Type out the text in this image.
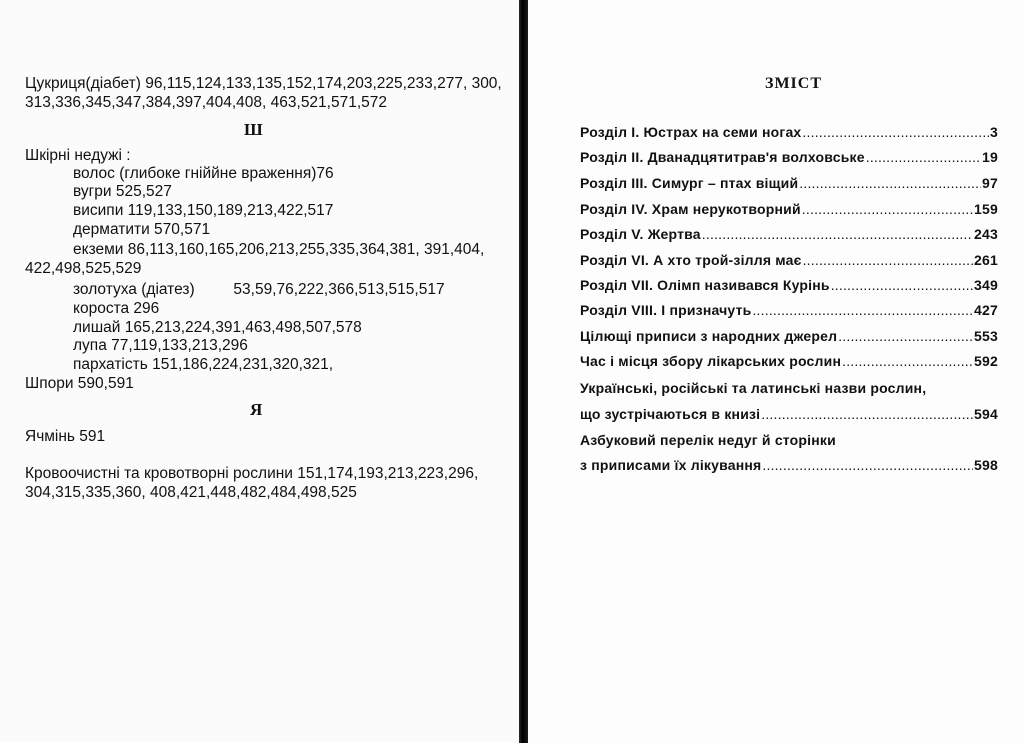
Цукриця(діабет) 96,115,124,133,135,152,174,203,225,233,277, 300,
313,336,345,347,384,397,404,408, 463,521,571,572
Ш
Шкірні недужі :
волос (глибоке гніййне враження)76
вугри 525,527
висипи 119,133,150,189,213,422,517
дерматити 570,571
екземи 86,113,160,165,206,213,255,335,364,381, 391,404,
422,498,525,529
золотуха (діатез)         53,59,76,222,366,513,515,517
короста 296
лишай 165,213,224,391,463,498,507,578
лупа 77,119,133,213,296
пархатість 151,186,224,231,320,321,
Шпори 590,591
Я
Ячмінь 591
Кровоочистні та кровотворні рослини 151,174,193,213,223,296,
304,315,335,360, 408,421,448,482,484,498,525
ЗМІСТ
Розділ І. Юстрах на семи ногах .....	3
Розділ ІІ. Дванадцятитрав'я волховське .....	19
Розділ ІІІ. Симург – птах віщий .....	97
Розділ ІV. Храм нерукотворний .....	159
Розділ V. Жертва .....	243
Розділ VІ. А хто трой-зілля має .....	261
Розділ VІІ. Олімп називався Курінь .....	349
Розділ VІІІ. І призначуть .....	427
Цілющі приписи з народних джерел .....	553
Час і місця збору лікарських рослин .....	592
Українські, російські та латинські назви рослин,
що зустрічаються в книзі .....	594
Азбуковий перелік недуг й сторінки
з приписами їх лікування .....	598
